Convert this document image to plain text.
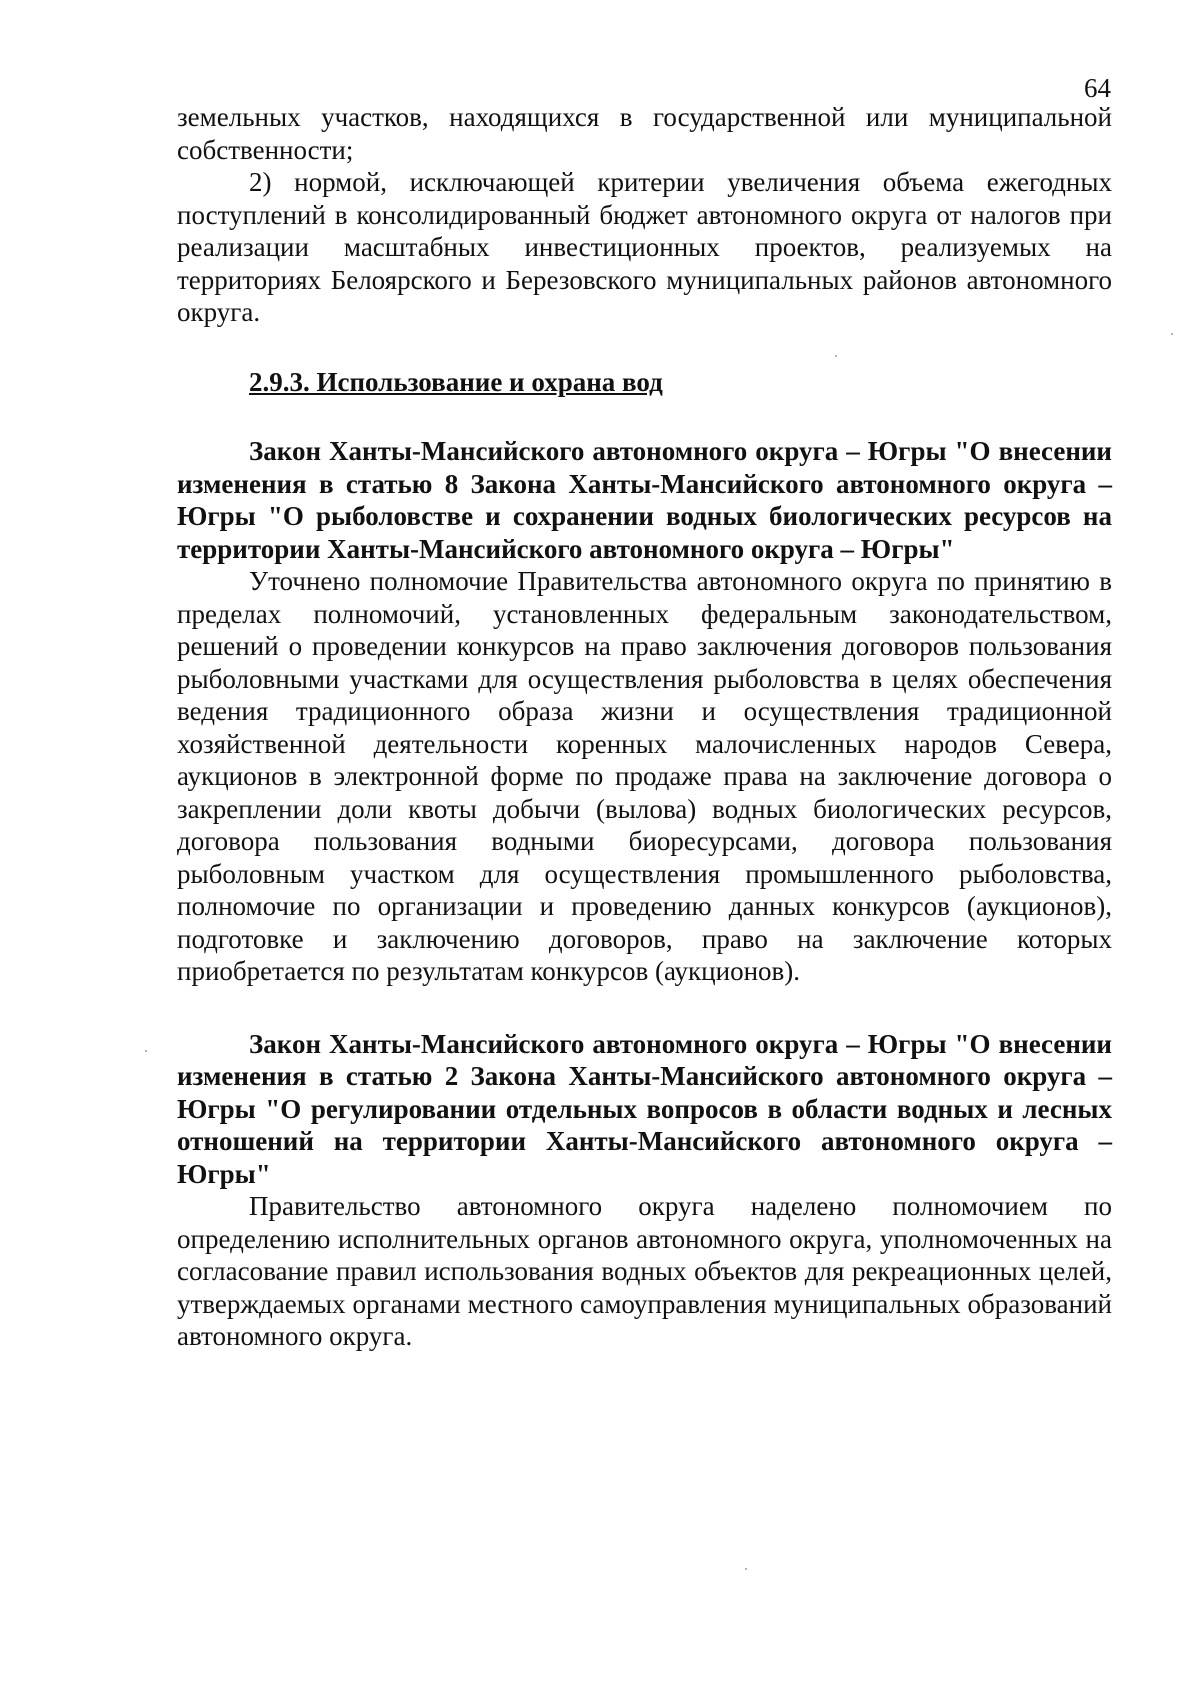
64

земельных участков, находящихся в государственной или муниципальной собственности;

2) нормой, исключающей критерии увеличения объема ежегодных поступлений в консолидированный бюджет автономного округа от налогов при реализации масштабных инвестиционных проектов, реализуемых на территориях Белоярского и Березовского муниципальных районов автономного округа.

2.9.3. Использование и охрана вод

Закон Ханты-Мансийского автономного округа – Югры "О внесении изменения в статью 8 Закона Ханты-Мансийского автономного округа – Югры "О рыболовстве и сохранении водных биологических ресурсов на территории Ханты-Мансийского автономного округа – Югры"

Уточнено полномочие Правительства автономного округа по принятию в пределах полномочий, установленных федеральным законодательством, решений о проведении конкурсов на право заключения договоров пользования рыболовными участками для осуществления рыболовства в целях обеспечения ведения традиционного образа жизни и осуществления традиционной хозяйственной деятельности коренных малочисленных народов Севера, аукционов в электронной форме по продаже права на заключение договора о закреплении доли квоты добычи (вылова) водных биологических ресурсов, договора пользования водными биоресурсами, договора пользования рыболовным участком для осуществления промышленного рыболовства, полномочие по организации и проведению данных конкурсов (аукционов), подготовке и заключению договоров, право на заключение которых приобретается по результатам конкурсов (аукционов).

Закон Ханты-Мансийского автономного округа – Югры "О внесении изменения в статью 2 Закона Ханты-Мансийского автономного округа – Югры "О регулировании отдельных вопросов в области водных и лесных отношений на территории Ханты-Мансийского автономного округа – Югры"

Правительство автономного округа наделено полномочием по определению исполнительных органов автономного округа, уполномоченных на согласование правил использования водных объектов для рекреационных целей, утверждаемых органами местного самоуправления муниципальных образований автономного округа.
